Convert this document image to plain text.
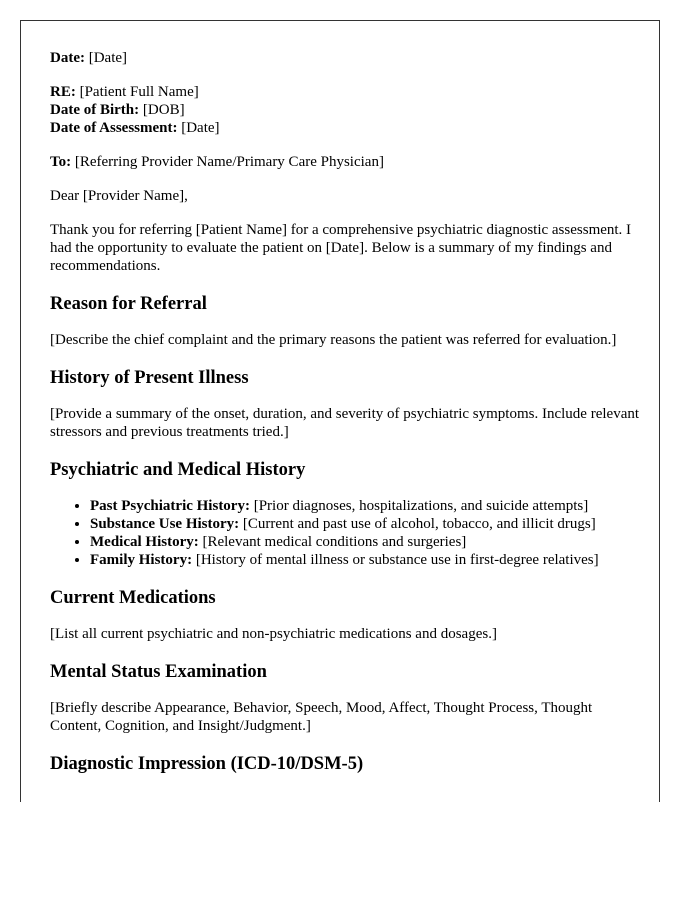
Date: [Date]

RE: [Patient Full Name]
Date of Birth: [DOB]
Date of Assessment: [Date]

To: [Referring Provider Name/Primary Care Physician]

Dear [Provider Name],

Thank you for referring [Patient Name] for a comprehensive psychiatric diagnostic assessment. I had the opportunity to evaluate the patient on [Date]. Below is a summary of my findings and recommendations.

Reason for Referral

[Describe the chief complaint and the primary reasons the patient was referred for evaluation.]

History of Present Illness

[Provide a summary of the onset, duration, and severity of psychiatric symptoms. Include relevant stressors and previous treatments tried.]

Psychiatric and Medical History
• Past Psychiatric History: [Prior diagnoses, hospitalizations, and suicide attempts]
• Substance Use History: [Current and past use of alcohol, tobacco, and illicit drugs]
• Medical History: [Relevant medical conditions and surgeries]
• Family History: [History of mental illness or substance use in first-degree relatives]
Current Medications

[List all current psychiatric and non-psychiatric medications and dosages.]

Mental Status Examination

[Briefly describe Appearance, Behavior, Speech, Mood, Affect, Thought Process, Thought Content, Cognition, and Insight/Judgment.]

Diagnostic Impression (ICD-10/DSM-5)
